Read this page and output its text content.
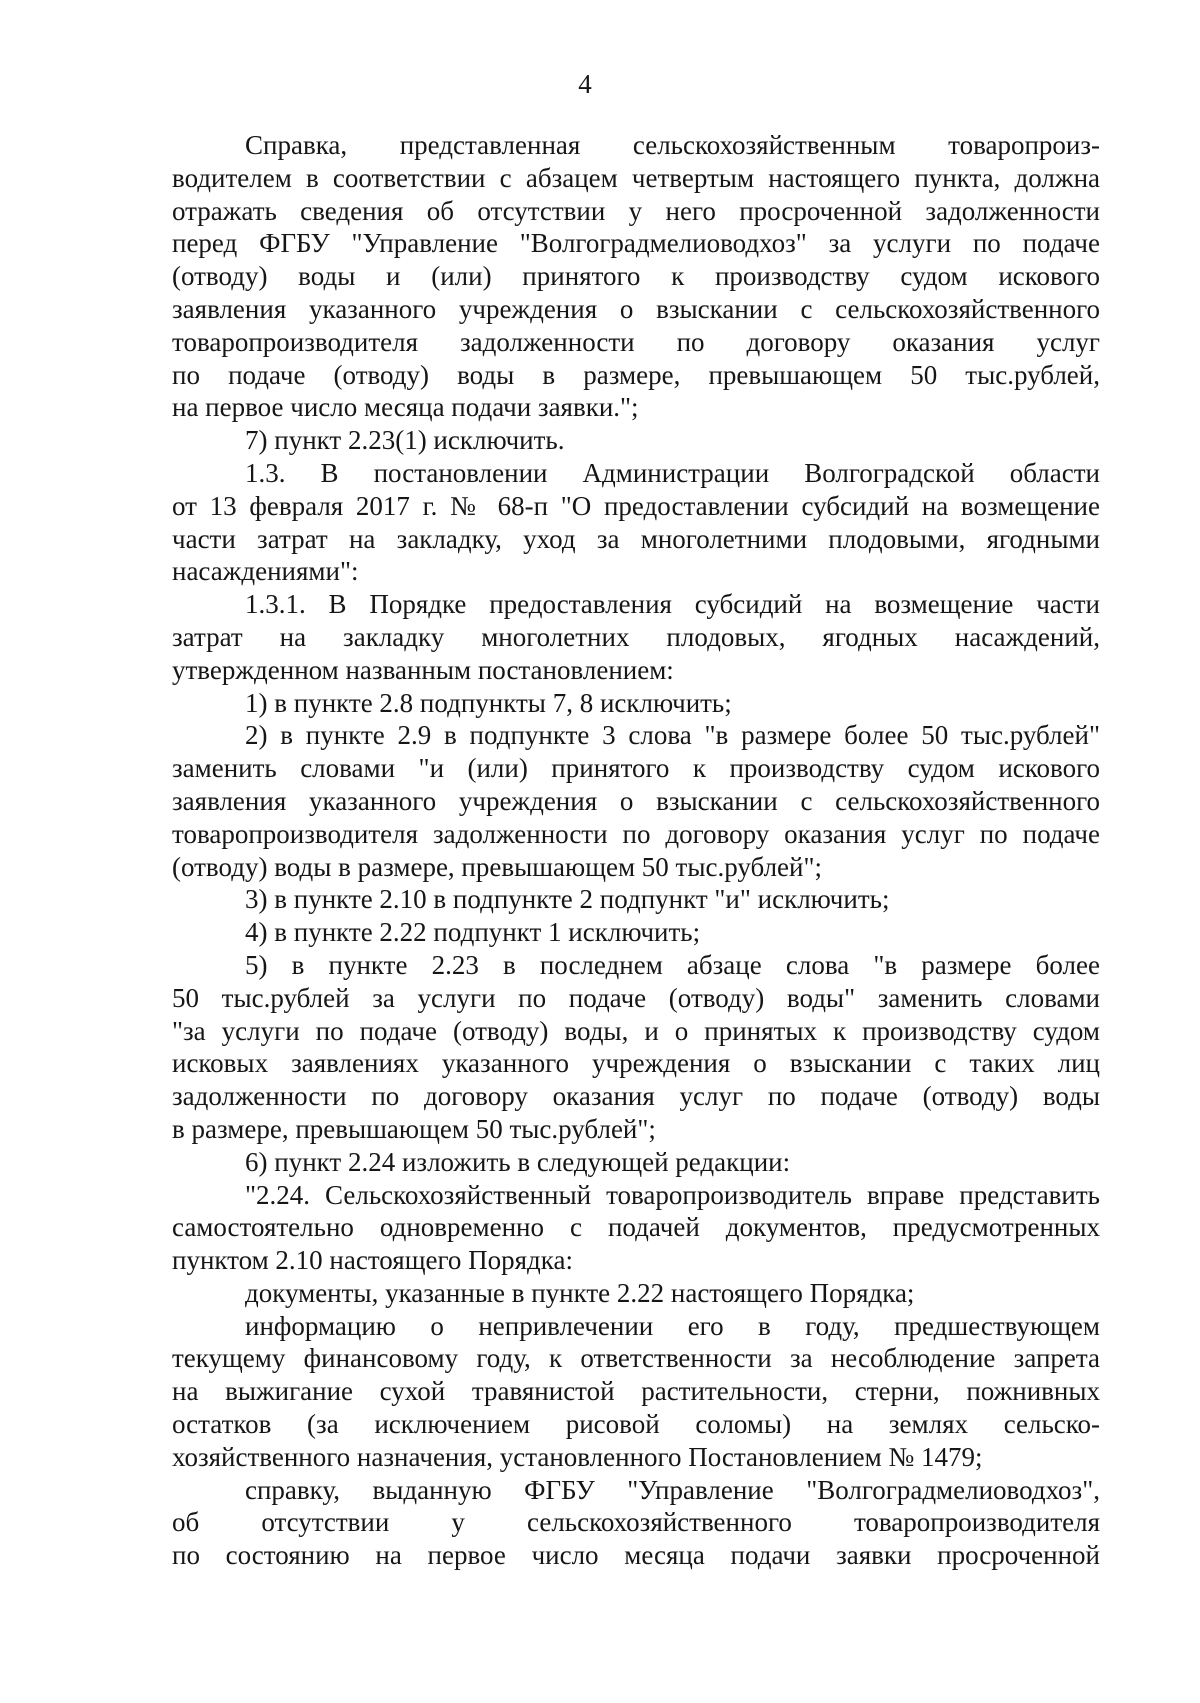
4
Справка, представленная сельскохозяйственным товаропроиз-
водителем в соответствии с абзацем четвертым настоящего пункта, должна
отражать сведения об отсутствии у него просроченной задолженности
перед ФГБУ "Управление "Волгоградмелиоводхоз" за услуги по подаче
(отводу) воды и (или) принятого к производству судом искового
заявления указанного учреждения о взыскании с сельскохозяйственного
товаропроизводителя задолженности по договору оказания услуг
по подаче (отводу) воды в размере, превышающем 50 тыс.рублей,
на первое число месяца подачи заявки.";
7) пункт 2.23(1) исключить.
1.3. В постановлении Администрации Волгоградской области
от 13 февраля 2017 г. № 68-п "О предоставлении субсидий на возмещение
части затрат на закладку, уход за многолетними плодовыми, ягодными
насаждениями":
1.3.1. В Порядке предоставления субсидий на возмещение части
затрат на закладку многолетних плодовых, ягодных насаждений,
утвержденном названным постановлением:
1) в пункте 2.8 подпункты 7, 8 исключить;
2) в пункте 2.9 в подпункте 3 слова "в размере более 50 тыс.рублей"
заменить словами "и (или) принятого к производству судом искового
заявления указанного учреждения о взыскании с сельскохозяйственного
товаропроизводителя задолженности по договору оказания услуг по подаче
(отводу) воды в размере, превышающем 50 тыс.рублей";
3) в пункте 2.10 в подпункте 2 подпункт "и" исключить;
4) в пункте 2.22 подпункт 1 исключить;
5) в пункте 2.23 в последнем абзаце слова "в размере более
50 тыс.рублей за услуги по подаче (отводу) воды" заменить словами
"за услуги по подаче (отводу) воды, и о принятых к производству судом
исковых заявлениях указанного учреждения о взыскании с таких лиц
задолженности по договору оказания услуг по подаче (отводу) воды
в размере, превышающем 50 тыс.рублей";
6) пункт 2.24 изложить в следующей редакции:
"2.24. Сельскохозяйственный товаропроизводитель вправе представить
самостоятельно одновременно с подачей документов, предусмотренных
пунктом 2.10 настоящего Порядка:
документы, указанные в пункте 2.22 настоящего Порядка;
информацию о непривлечении его в году, предшествующем
текущему финансовому году, к ответственности за несоблюдение запрета
на выжигание сухой травянистой растительности, стерни, пожнивных
остатков (за исключением рисовой соломы) на землях сельско-
хозяйственного назначения, установленного Постановлением № 1479;
справку, выданную ФГБУ "Управление "Волгоградмелиоводхоз",
об отсутствии у сельскохозяйственного товаропроизводителя
по состоянию на первое число месяца подачи заявки просроченной
